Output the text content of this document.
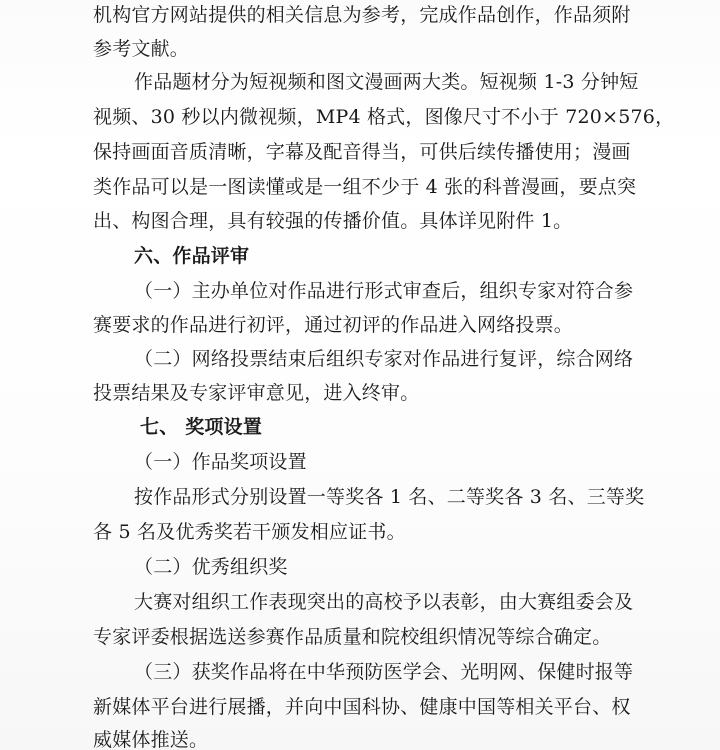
机构官方网站提供的相关信息为参考，完成作品创作，作品须附
参考文献。
作品题材分为短视频和图文漫画两大类。短视频 1-3 分钟短
视频、30 秒以内微视频，MP4 格式，图像尺寸不小于 720×576，
保持画面音质清晰，字幕及配音得当，可供后续传播使用；漫画
类作品可以是一图读懂或是一组不少于 4 张的科普漫画，要点突
出、构图合理，具有较强的传播价值。具体详见附件 1。
六、作品评审
（一）主办单位对作品进行形式审查后，组织专家对符合参
赛要求的作品进行初评，通过初评的作品进入网络投票。
（二）网络投票结束后组织专家对作品进行复评，综合网络
投票结果及专家评审意见，进入终审。
七、 奖项设置
（一）作品奖项设置
按作品形式分别设置一等奖各 1 名、二等奖各 3 名、三等奖
各 5 名及优秀奖若干颁发相应证书。
（二）优秀组织奖
大赛对组织工作表现突出的高校予以表彰，由大赛组委会及
专家评委根据选送参赛作品质量和院校组织情况等综合确定。
（三）获奖作品将在中华预防医学会、光明网、保健时报等
新媒体平台进行展播，并向中国科协、健康中国等相关平台、权
威媒体推送。
